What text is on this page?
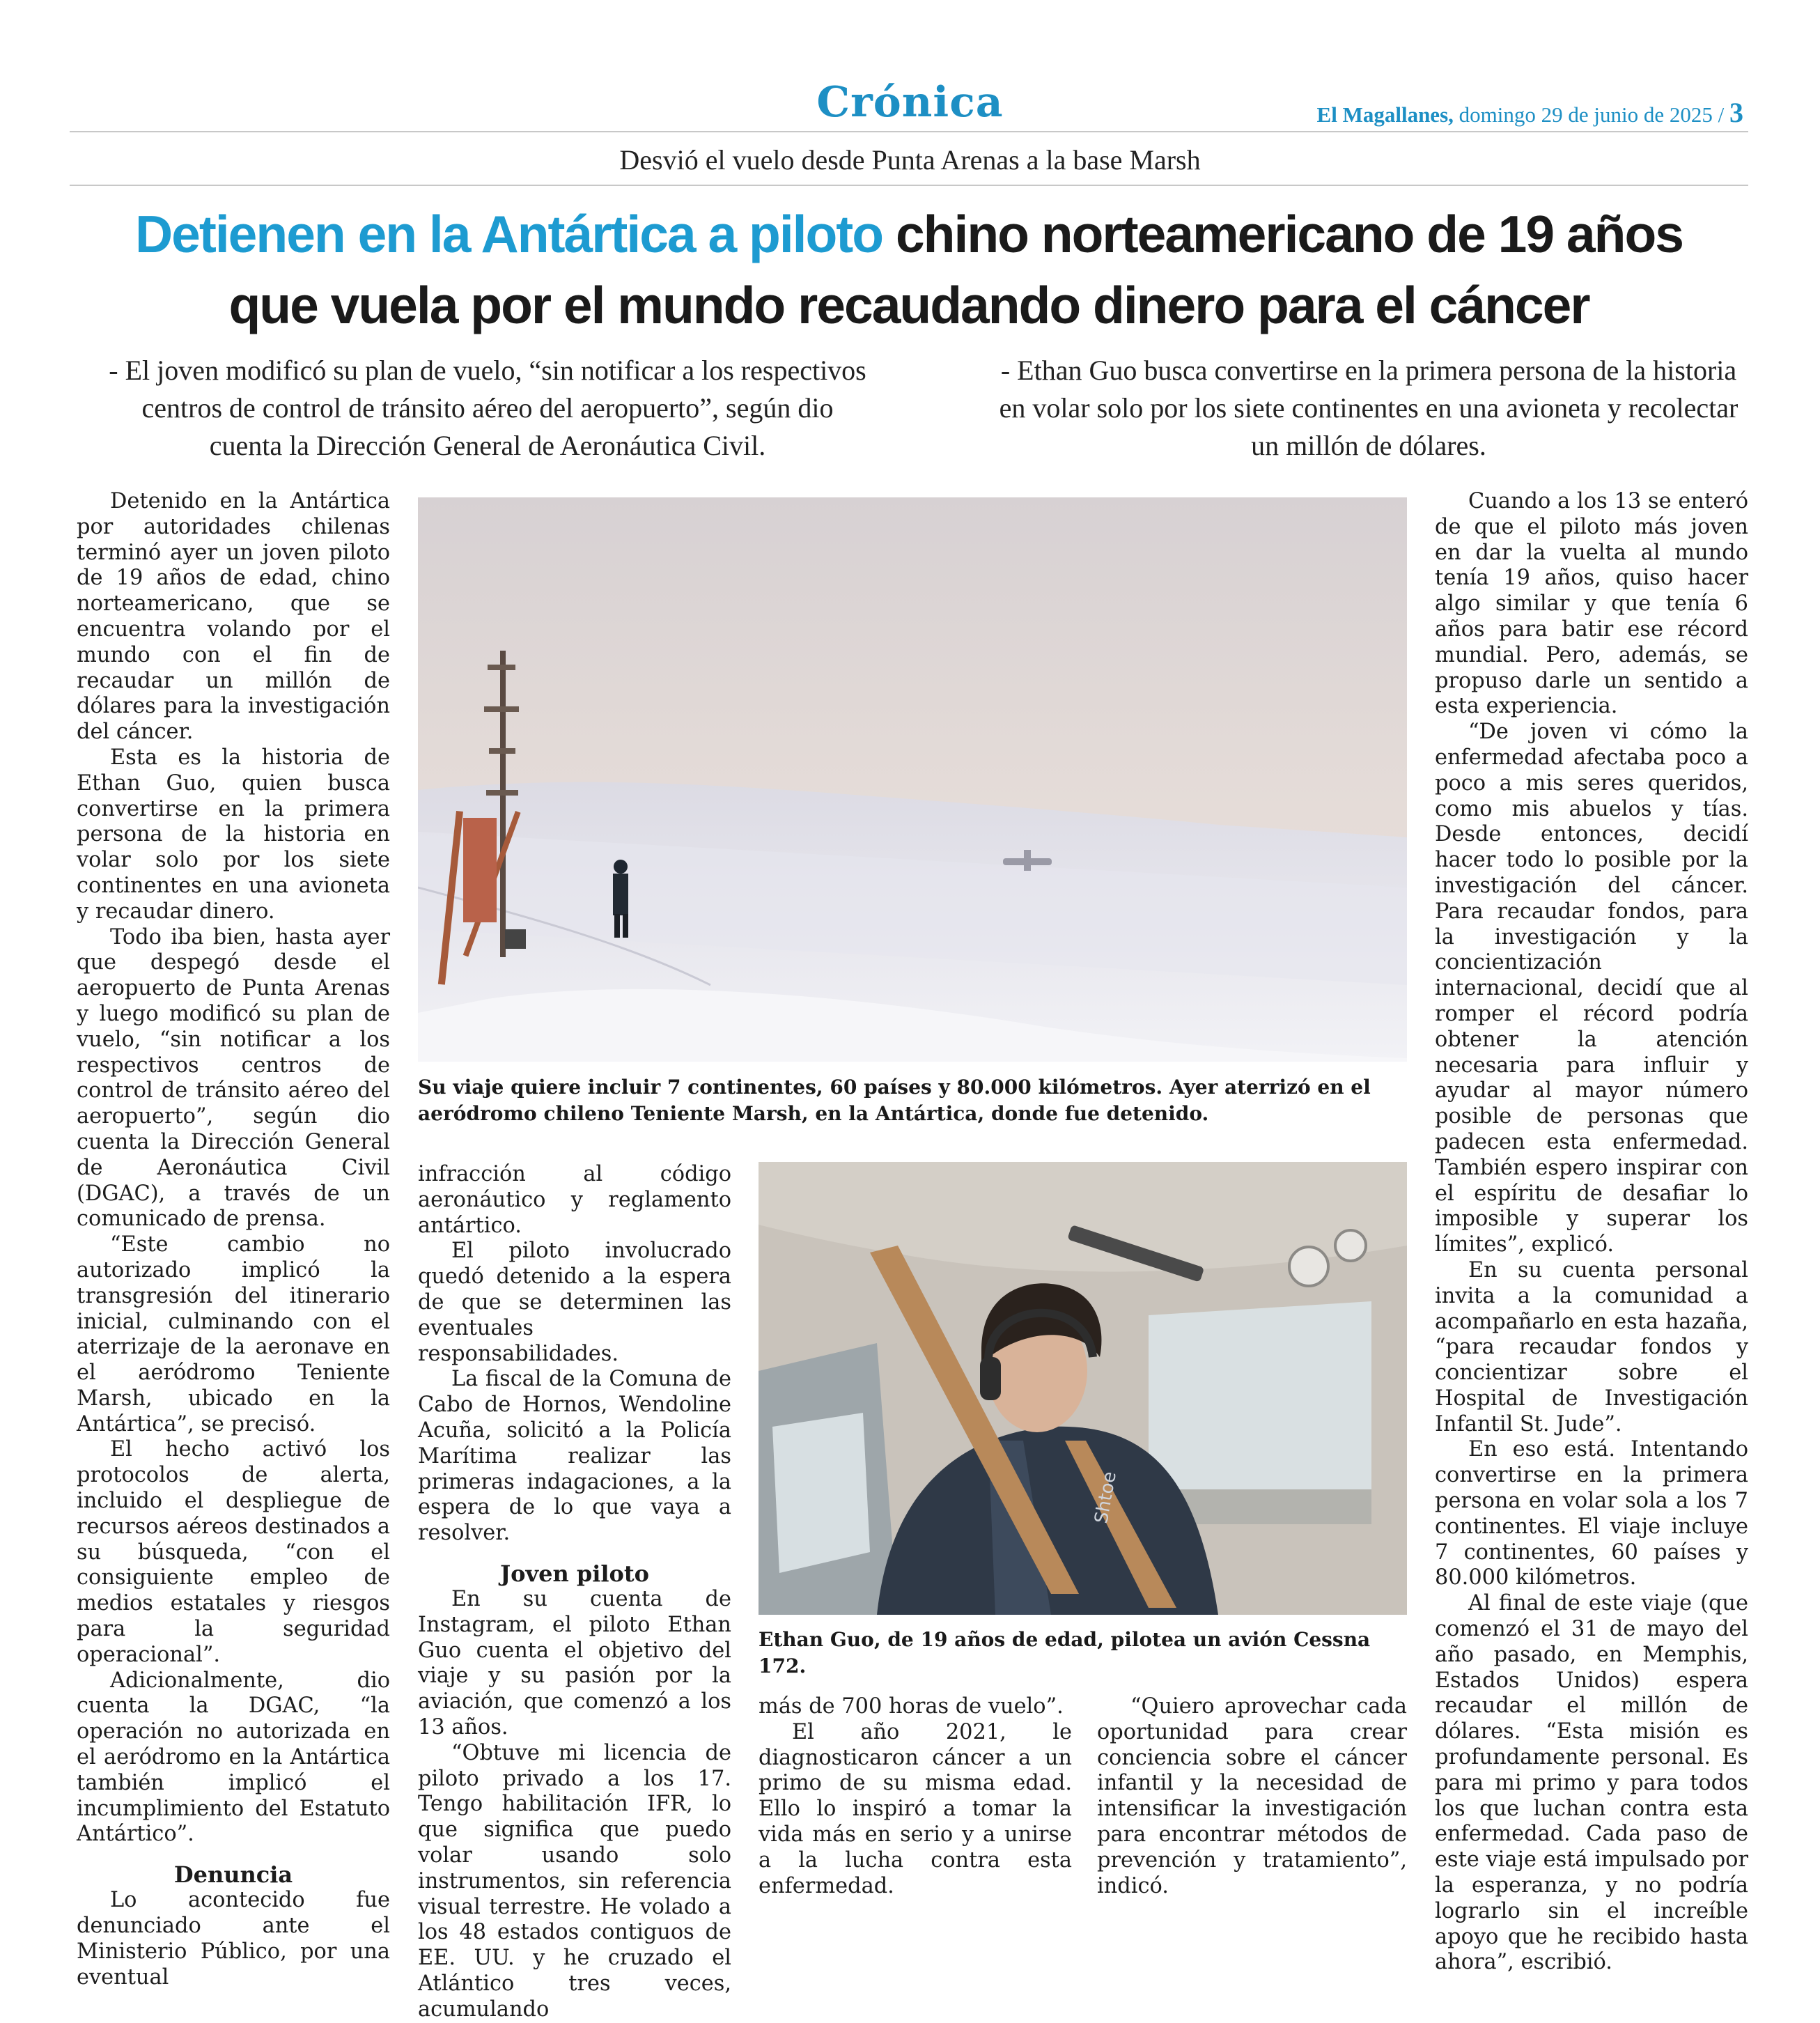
Crónica	El Magallanes, domingo 29 de junio de 2025 / 3
Desvió el vuelo desde Punta Arenas a la base Marsh
Detienen en la Antártica a piloto chino norteamericano de 19 años
que vuela por el mundo recaudando dinero para el cáncer
- El joven modificó su plan de vuelo, “sin notificar a los respectivos centros de control de tránsito aéreo del aeropuerto”, según dio cuenta la Dirección General de Aeronáutica Civil.
- Ethan Guo busca convertirse en la primera persona de la historia en volar solo por los siete continentes en una avioneta y recolectar un millón de dólares.

Detenido en la Antártica por autoridades chilenas terminó ayer un joven piloto de 19 años de edad, chino norteamericano, que se encuentra volando por el mundo con el fin de recaudar un millón de dólares para la investigación del cáncer.

Esta es la historia de Ethan Guo, quien busca convertirse en la primera persona de la historia en volar solo por los siete continentes en una avioneta y recaudar dinero.

Todo iba bien, hasta ayer que despegó desde el aeropuerto de Punta Arenas y luego modificó su plan de vuelo, “sin notificar a los respectivos centros de control de tránsito aéreo del aeropuerto”, según dio cuenta la Dirección General de Aeronáutica Civil (DGAC), a través de un comunicado de prensa.

“Este cambio no autorizado implicó la transgresión del itinerario inicial, culminando con el aterrizaje de la aeronave en el aeródromo Teniente Marsh, ubicado en la Antártica”, se precisó.

El hecho activó los protocolos de alerta, incluido el despliegue de recursos aéreos destinados a su búsqueda, “con el consiguiente empleo de medios estatales y riesgos para la seguridad operacional”.

Adicionalmente, dio cuenta la DGAC, “la operación no autorizada en el aeródromo en la Antártica también implicó el incumplimiento del Estatuto Antártico”.

Denuncia

Lo acontecido fue denunciado ante el Ministerio Público, por una eventual

Su viaje quiere incluir 7 continentes, 60 países y 80.000 kilómetros. Ayer aterrizó en el aeródromo chileno Teniente Marsh, en la Antártica, donde fue detenido.

infracción al código aeronáutico y reglamento antártico.

El piloto involucrado quedó detenido a la espera de que se determinen las eventuales responsabilidades.

La fiscal de la Comuna de Cabo de Hornos, Wendoline Acuña, solicitó a la Policía Marítima realizar las primeras indagaciones, a la espera de lo que vaya a resolver.

Joven piloto

En su cuenta de Instagram, el piloto Ethan Guo cuenta el objetivo del viaje y su pasión por la aviación, que comenzó a los 13 años.

“Obtuve mi licencia de piloto privado a los 17. Tengo habilitación IFR, lo que significa que puedo volar usando solo instrumentos, sin referencia visual terrestre. He volado a los 48 estados contiguos de EE. UU. y he cruzado el Atlántico tres veces, acumulando

Shtoe
Ethan Guo, de 19 años de edad, pilotea un avión Cessna 172.

más de 700 horas de vuelo”.

El año 2021, le diagnosticaron cáncer a un primo de su misma edad. Ello lo inspiró a tomar la vida más en serio y a unirse a la lucha contra esta enfermedad.

“Quiero aprovechar cada oportunidad para crear conciencia sobre el cáncer infantil y la necesidad de intensificar la investigación para encontrar métodos de prevención y tratamiento”, indicó.

Cuando a los 13 se enteró de que el piloto más joven en dar la vuelta al mundo tenía 19 años, quiso hacer algo similar y que tenía 6 años para batir ese récord mundial. Pero, además, se propuso darle un sentido a esta experiencia.

“De joven vi cómo la enfermedad afectaba poco a poco a mis seres queridos, como mis abuelos y tías. Desde entonces, decidí hacer todo lo posible por la investigación del cáncer. Para recaudar fondos, para la investigación y la concientización internacional, decidí que al romper el récord podría obtener la atención necesaria para influir y ayudar al mayor número posible de personas que padecen esta enfermedad. También espero inspirar con el espíritu de desafiar lo imposible y superar los límites”, explicó.

En su cuenta personal invita a la comunidad a acompañarlo en esta hazaña, “para recaudar fondos y concientizar sobre el Hospital de Investigación Infantil St. Jude”.

En eso está. Intentando convertirse en la primera persona en volar sola a los 7 continentes. El viaje incluye 7 continentes, 60 países y 80.000 kilómetros.

Al final de este viaje (que comenzó el 31 de mayo del año pasado, en Memphis, Estados Unidos) espera recaudar el millón de dólares. “Esta misión es profundamente personal. Es para mi primo y para todos los que luchan contra esta enfermedad. Cada paso de este viaje está impulsado por la esperanza, y no podría lograrlo sin el increíble apoyo que he recibido hasta ahora”, escribió.
